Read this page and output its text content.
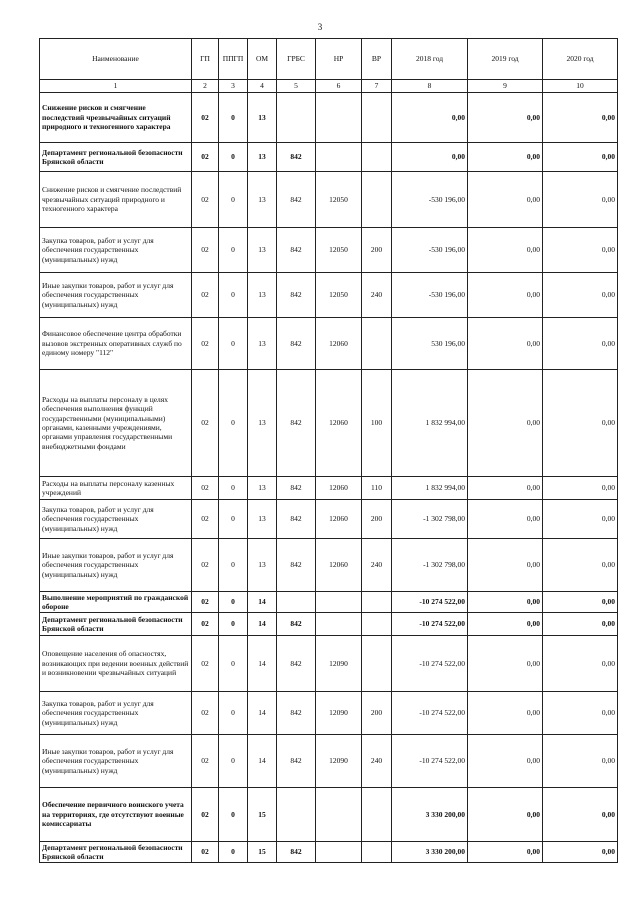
3
Наименование	ГП	ППГП	ОМ	ГРБС	НР	ВР	2018 год	2019 год	2020 год
1	2	3	4	5	6	7	8	9	10
Снижение рисков и смягчение последствий чрезвычайных ситуаций природного и техногенного характера	02	0	13				0,00	0,00	0,00
Департамент региональной безопасности Брянской области	02	0	13	842			0,00	0,00	0,00
Снижение рисков и смягчение последствий чрезвычайных ситуаций природного и техногенного характера	02	0	13	842	12050		-530 196,00	0,00	0,00
Закупка товаров, работ и услуг для обеспечения государственных (муниципальных) нужд	02	0	13	842	12050	200	-530 196,00	0,00	0,00
Иные закупки товаров, работ и услуг для обеспечения государственных (муниципальных) нужд	02	0	13	842	12050	240	-530 196,00	0,00	0,00
Финансовое обеспечение центра обработки вызовов экстренных оперативных служб по единому номеру "112"	02	0	13	842	12060		530 196,00	0,00	0,00
Расходы на выплаты персоналу в целях обеспечения выполнения функций государственными (муниципальными) органами, казенными учреждениями, органами управления государственными внебюджетными фондами	02	0	13	842	12060	100	1 832 994,00	0,00	0,00
Расходы на выплаты персоналу казенных учреждений	02	0	13	842	12060	110	1 832 994,00	0,00	0,00
Закупка товаров, работ и услуг для обеспечения государственных (муниципальных) нужд	02	0	13	842	12060	200	-1 302 798,00	0,00	0,00
Иные закупки товаров, работ и услуг для обеспечения государственных (муниципальных) нужд	02	0	13	842	12060	240	-1 302 798,00	0,00	0,00
Выполнение мероприятий по гражданской обороне	02	0	14				-10 274 522,00	0,00	0,00
Департамент региональной безопасности Брянской области	02	0	14	842			-10 274 522,00	0,00	0,00
Оповещение населения об опасностях, возникающих при ведении военных действий и возникновении чрезвычайных ситуаций	02	0	14	842	12090		-10 274 522,00	0,00	0,00
Закупка товаров, работ и услуг для обеспечения государственных (муниципальных) нужд	02	0	14	842	12090	200	-10 274 522,00	0,00	0,00
Иные закупки товаров, работ и услуг для обеспечения государственных (муниципальных) нужд	02	0	14	842	12090	240	-10 274 522,00	0,00	0,00
Обеспечение первичного воинского учета на территориях, где отсутствуют военные комиссариаты	02	0	15				3 330 200,00	0,00	0,00
Департамент региональной безопасности Брянской области	02	0	15	842			3 330 200,00	0,00	0,00
